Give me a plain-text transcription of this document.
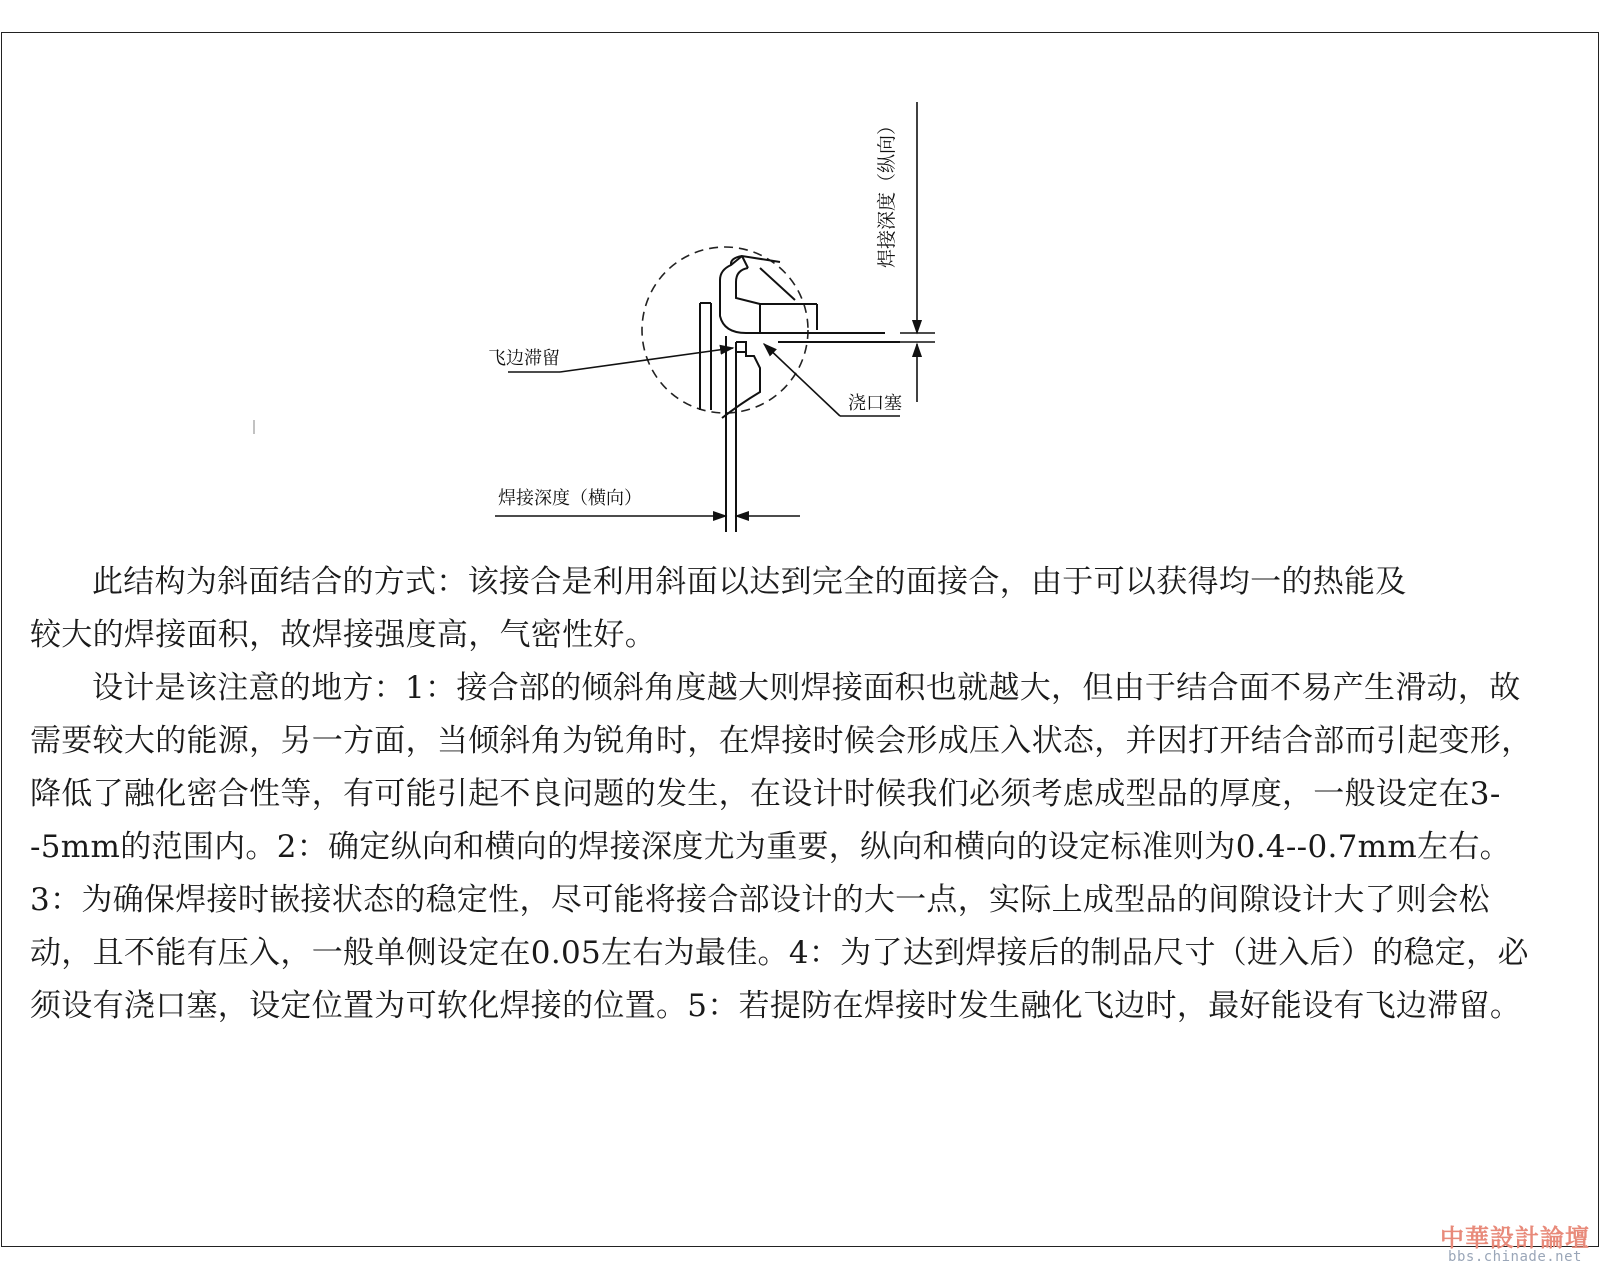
飞边滞留
浇口塞
焊接深度（纵向）
焊接深度（横向）

此结构为斜面结合的方式：该接合是利用斜面以达到完全的面接合，由于可以获得均一的热能及较大的焊接面积，故焊接强度高，气密性好。

设计是该注意的地方：1：接合部的倾斜角度越大则焊接面积也就越大，但由于结合面不易产生滑动，故需要较大的能源，另一方面，当倾斜角为锐角时，在焊接时候会形成压入状态，并因打开结合部而引起变形，降低了融化密合性等，有可能引起不良问题的发生，在设计时候我们必须考虑成型品的厚度，一般设定在3--5mm的范围内。2：确定纵向和横向的焊接深度尤为重要，纵向和横向的设定标准则为0.4--0.7mm左右。3：为确保焊接时嵌接状态的稳定性，尽可能将接合部设计的大一点，实际上成型品的间隙设计大了则会松动，且不能有压入，一般单侧设定在0.05左右为最佳。4：为了达到焊接后的制品尺寸（进入后）的稳定，必须设有浇口塞，设定位置为可软化焊接的位置。5：若提防在焊接时发生融化飞边时，最好能设有飞边滞留。

中華設計論壇
bbs.chinade.net
